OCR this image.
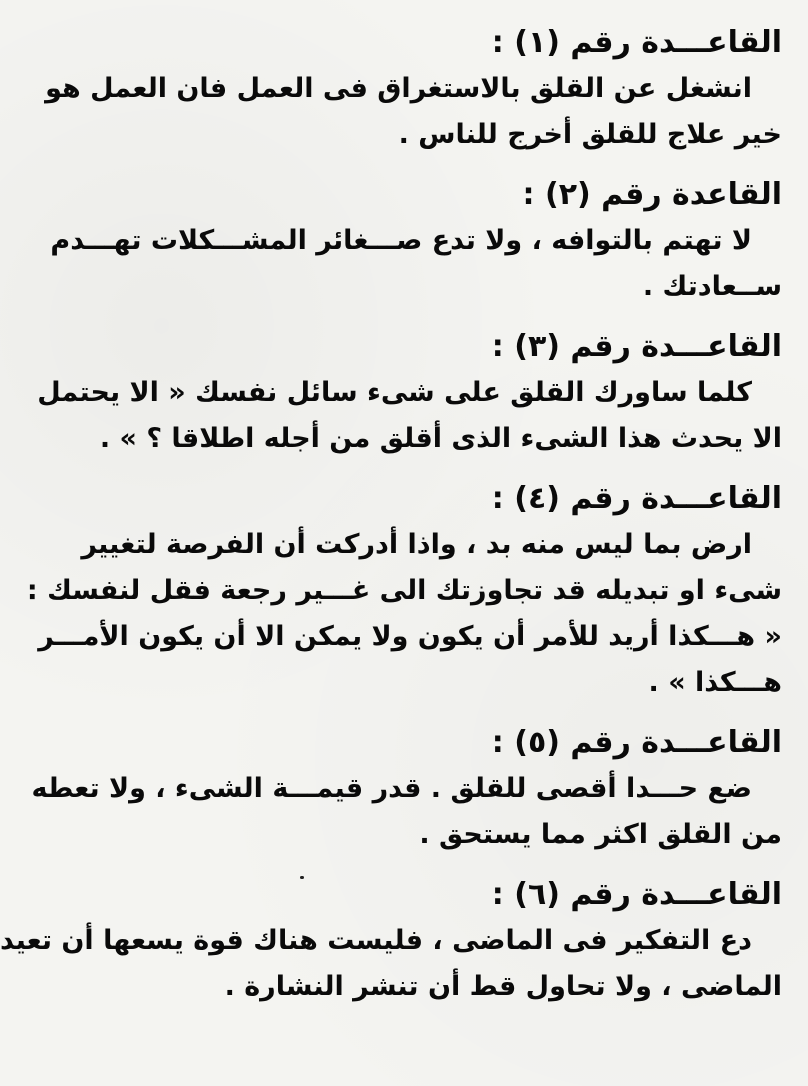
القاعـــدة رقم (١) :
انشغل عن القلق بالاستغراق فى العمل فان العمل هو
خير علاج للقلق أخرج للناس .
القاعدة رقم (٢) :
لا تهتم بالتوافه ، ولا تدع صـــغائر المشـــكلات تهـــدم
ســعادتك .
القاعـــدة رقم (٣) :
كلما ساورك القلق على شىء سائل نفسك « الا يحتمل
الا يحدث هذا الشىء الذى أقلق من أجله اطلاقا ؟ » .
القاعـــدة رقم (٤) :
ارض بما ليس منه بد ، واذا أدركت أن الفرصة لتغيير
شىء او تبديله قد تجاوزتك الى غـــير رجعة فقل لنفسك :
« هـــكذا أريد للأمر أن يكون ولا يمكن الا أن يكون الأمـــر
هـــكذا » .
القاعـــدة رقم (٥) :
ضع حـــدا أقصى للقلق . قدر قيمـــة الشىء ، ولا تعطه
من القلق اكثر مما يستحق .
القاعـــدة رقم (٦) :
دع التفكير فى الماضى ، فليست هناك قوة يسعها أن تعيد
الماضى ، ولا تحاول قط أن تنشر النشارة .
